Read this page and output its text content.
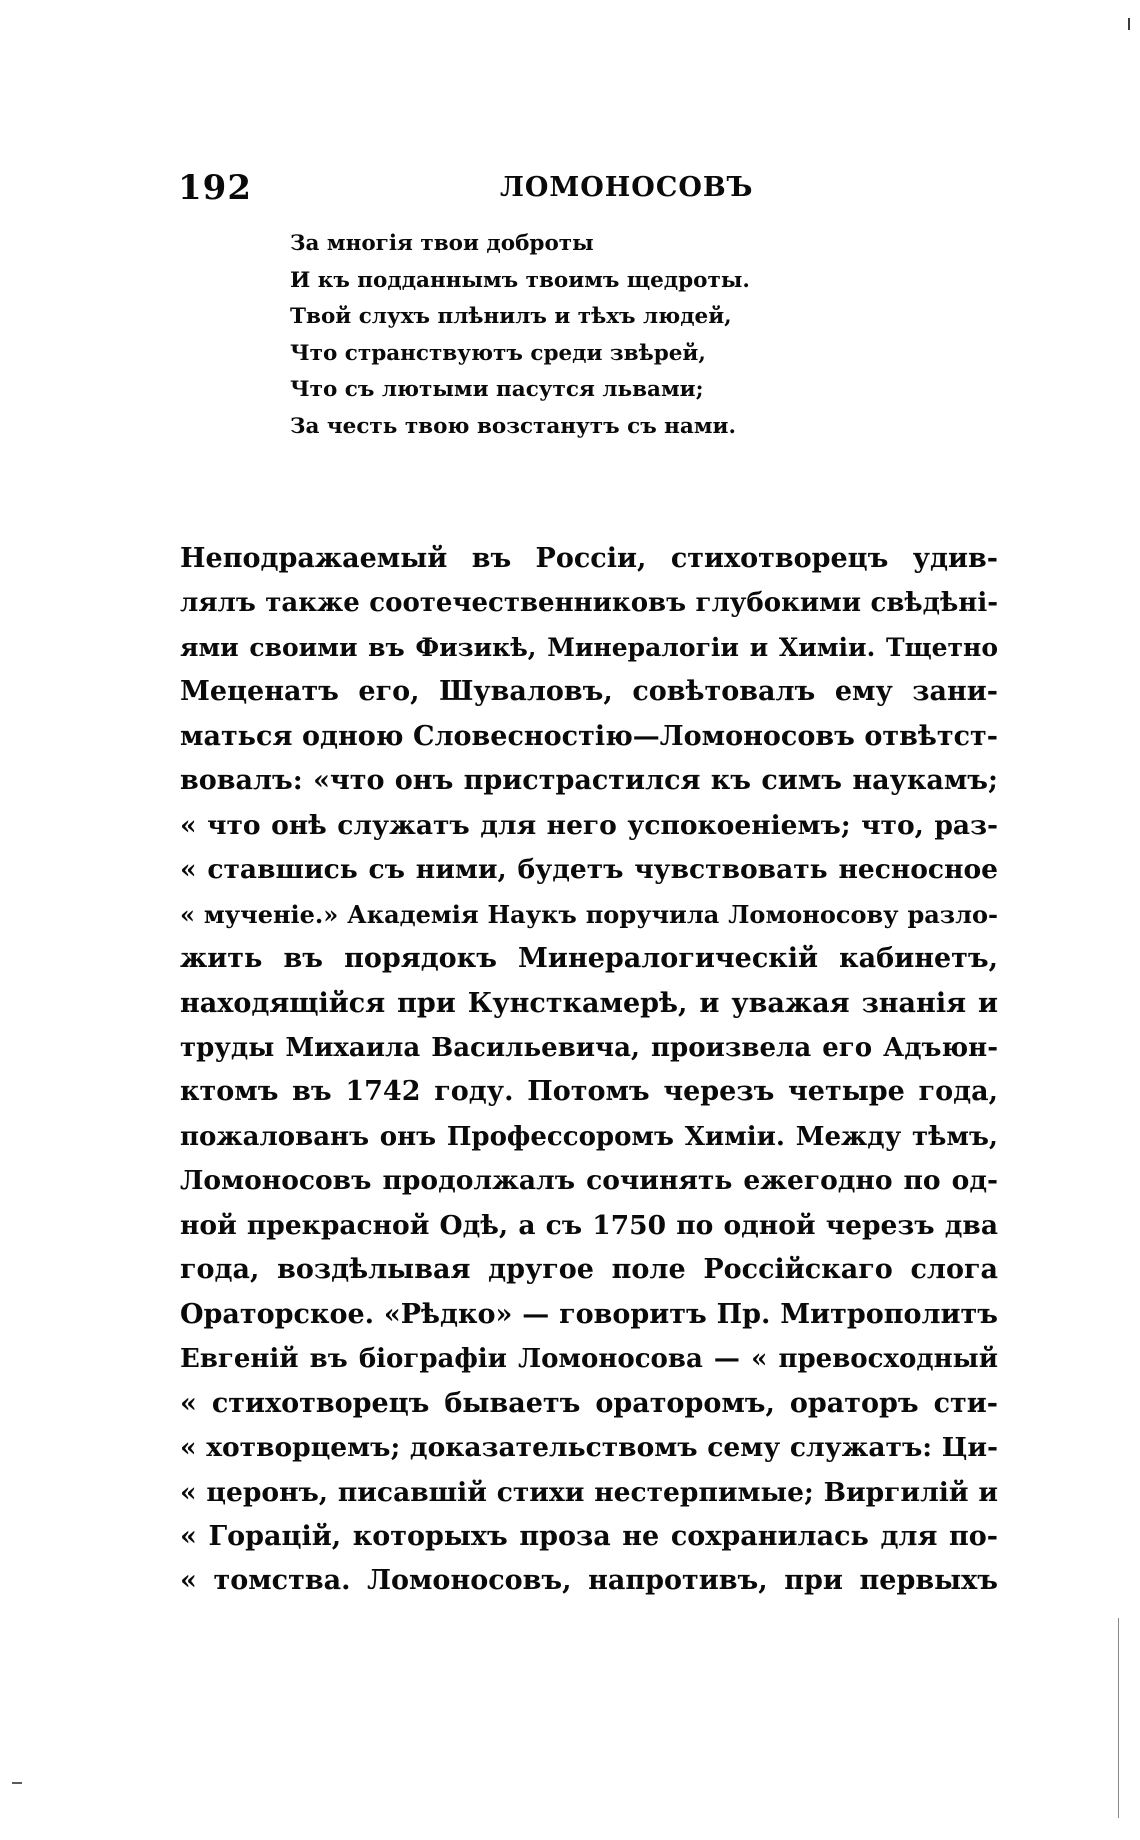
192	ЛОМОНОСОВЪ
За многія твои доброты
И къ подданнымъ твоимъ щедроты.
Твой слухъ плѣнилъ и тѣхъ людей,
Что странствуютъ среди звѣрей,
Что съ лютыми пасутся львами;
За честь твою возстанутъ съ нами.
Неподражаемый въ Россіи, стихотворецъ удив-
лялъ также соотечественниковъ глубокими свѣдѣні-
ями своими въ Физикѣ, Минералогіи и Химіи. Тщетно
Меценатъ его, Шуваловъ, совѣтовалъ ему зани-
маться одною Словесностію—Ломоносовъ отвѣтст-
вовалъ: «что онъ пристрастился къ симъ наукамъ;
« что онѣ служатъ для него успокоеніемъ; что, раз-
« ставшись съ ними, будетъ чувствовать несносное
« мученіе.» Академія Наукъ поручила Ломоносову разло-
жить въ порядокъ Минералогическій кабинетъ,
находящійся при Кунсткамерѣ, и уважая знанія и
труды Михаила Васильевича, произвела его Адъюн-
ктомъ въ 1742 году. Потомъ черезъ четыре года,
пожалованъ онъ Профессоромъ Химіи. Между тѣмъ,
Ломоносовъ продолжалъ сочинять ежегодно по од-
ной прекрасной Одѣ, а съ 1750 по одной черезъ два
года, воздѣлывая другое поле Россійскаго слога
Ораторское. «Рѣдко» — говоритъ Пр. Митрополитъ
Евгеній въ біографіи Ломоносова — « превосходный
« стихотворецъ бываетъ ораторомъ, ораторъ сти-
« хотворцемъ; доказательствомъ сему служатъ: Ци-
« церонъ, писавшій стихи нестерпимые; Виргилій и
« Горацій, которыхъ проза не сохранилась для по-
« томства. Ломоносовъ, напротивъ, при первыхъ
